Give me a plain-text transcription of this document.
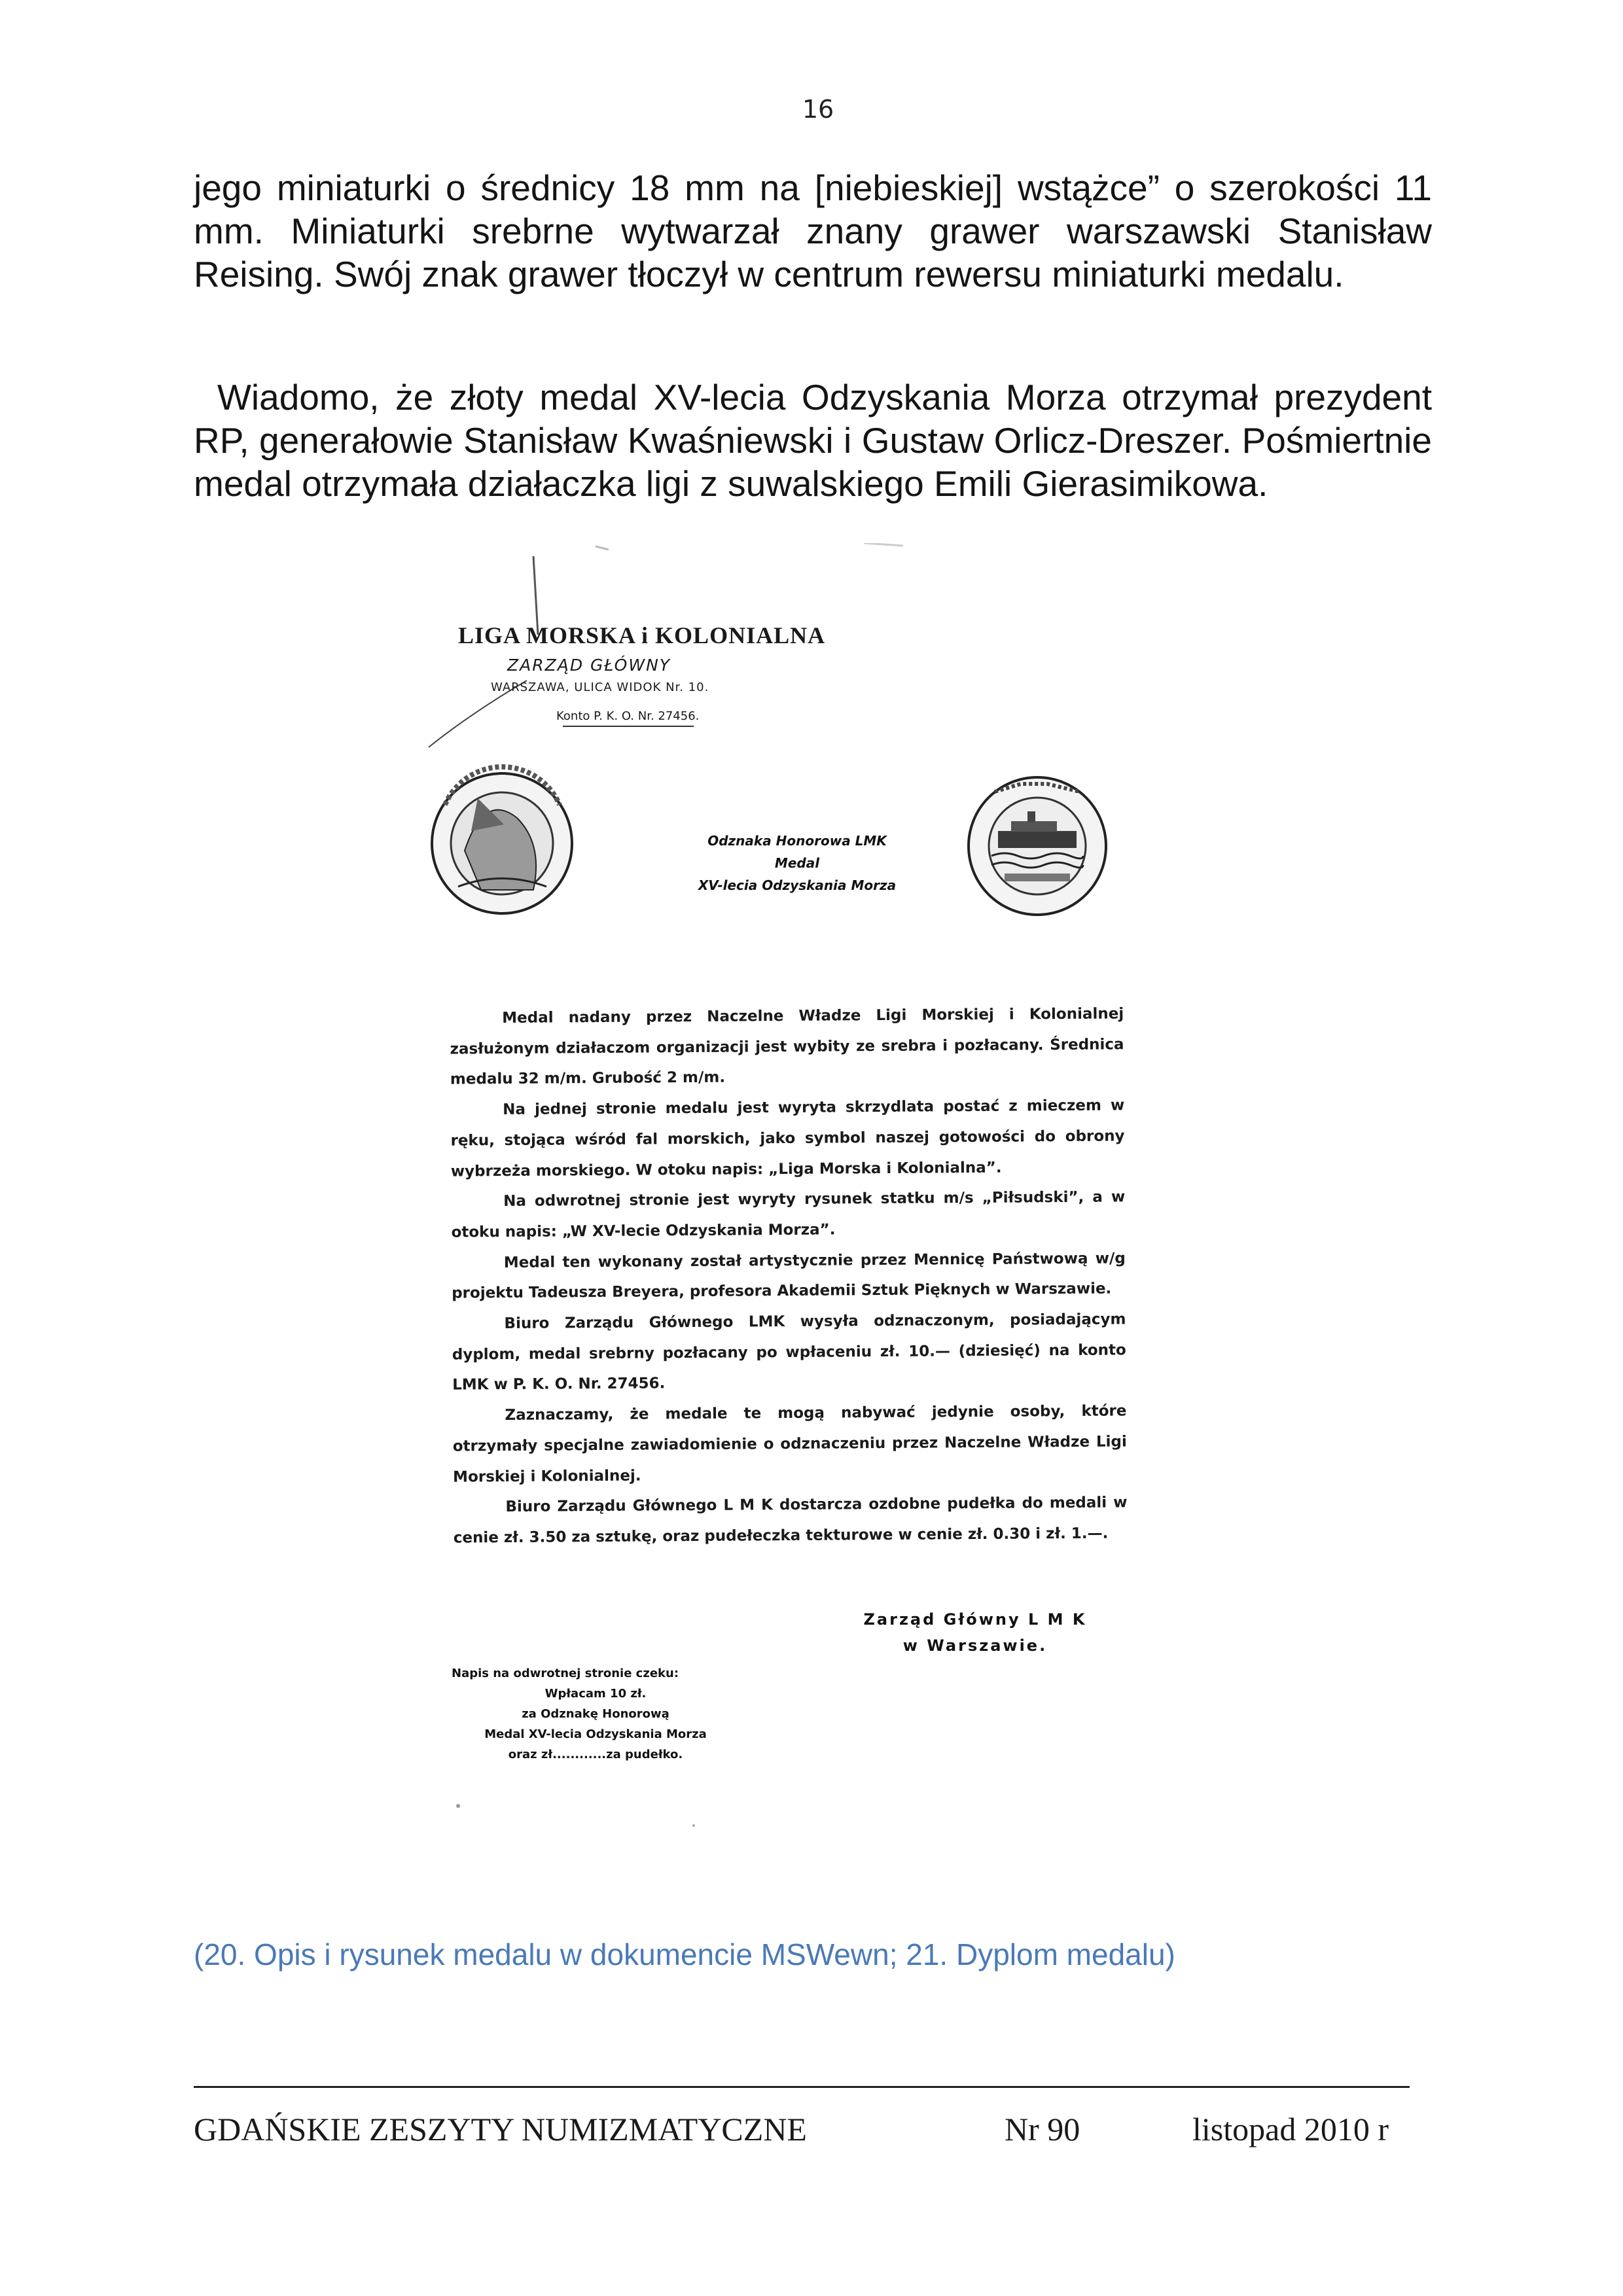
16
jego miniaturki o średnicy 18 mm na [niebieskiej] wstążce” o szerokości 11 mm. Miniaturki srebrne wytwarzał znany grawer warszawski Stanisław Reising. Swój znak grawer tłoczył w centrum rewersu miniaturki medalu.
Wiadomo, że złoty medal XV-lecia Odzyskania Morza otrzymał prezydent RP, generałowie Stanisław Kwaśniewski i Gustaw Orlicz-Dreszer. Pośmiertnie medal otrzymała działaczka ligi z suwalskiego Emili Gierasimikowa.
LIGA MORSKA i KOLONIALNA
ZARZĄD GŁÓWNY
WARSZAWA, ULICA WIDOK Nr. 10.
Konto P. K. O. Nr. 27456.
Odznaka Honorowa LMK
Medal
XV-lecia Odzyskania Morza

Medal nadany przez Naczelne Władze Ligi Morskiej i Kolonialnej zasłużonym działaczom organizacji jest wybity ze srebra i pozłacany. Średnica medalu 32 m/m. Grubość 2 m/m.

Na jednej stronie medalu jest wyryta skrzydlata postać z mieczem w ręku, stojąca wśród fal morskich, jako symbol naszej gotowości do obrony wybrzeża morskiego. W otoku napis: „Liga Morska i Kolonialna”.

Na odwrotnej stronie jest wyryty rysunek statku m/s „Piłsudski”, a w otoku napis: „W XV-lecie Odzyskania Morza”.

Medal ten wykonany został artystycznie przez Mennicę Państwową w/g projektu Tadeusza Breyera, profesora Akademii Sztuk Pięknych w Warszawie.

Biuro Zarządu Głównego LMK wysyła odznaczonym, posiadającym dyplom, medal srebrny pozłacany po wpłaceniu zł. 10.— (dziesięć) na konto LMK w P. K. O. Nr. 27456.

Zaznaczamy, że medale te mogą nabywać jedynie osoby, które otrzymały specjalne zawiadomienie o odznaczeniu przez Naczelne Władze Ligi Morskiej i Kolonialnej.

Biuro Zarządu Głównego L M K dostarcza ozdobne pudełka do medali w cenie zł. 3.50 za sztukę, oraz pudełeczka tekturowe w cenie zł. 0.30 i zł. 1.—.

Zarząd Główny L M K
w Warszawie.
Napis na odwrotnej stronie czeku:
Wpłacam 10 zł.
za Odznakę Honorową
Medal XV-lecia Odzyskania Morza
oraz zł............za pudełko.
(20. Opis i rysunek medalu w dokumencie MSWewn; 21. Dyplom medalu)
GDAŃSKIE ZESZYTY NUMIZMATYCZNE	Nr 90	listopad 2010 r
